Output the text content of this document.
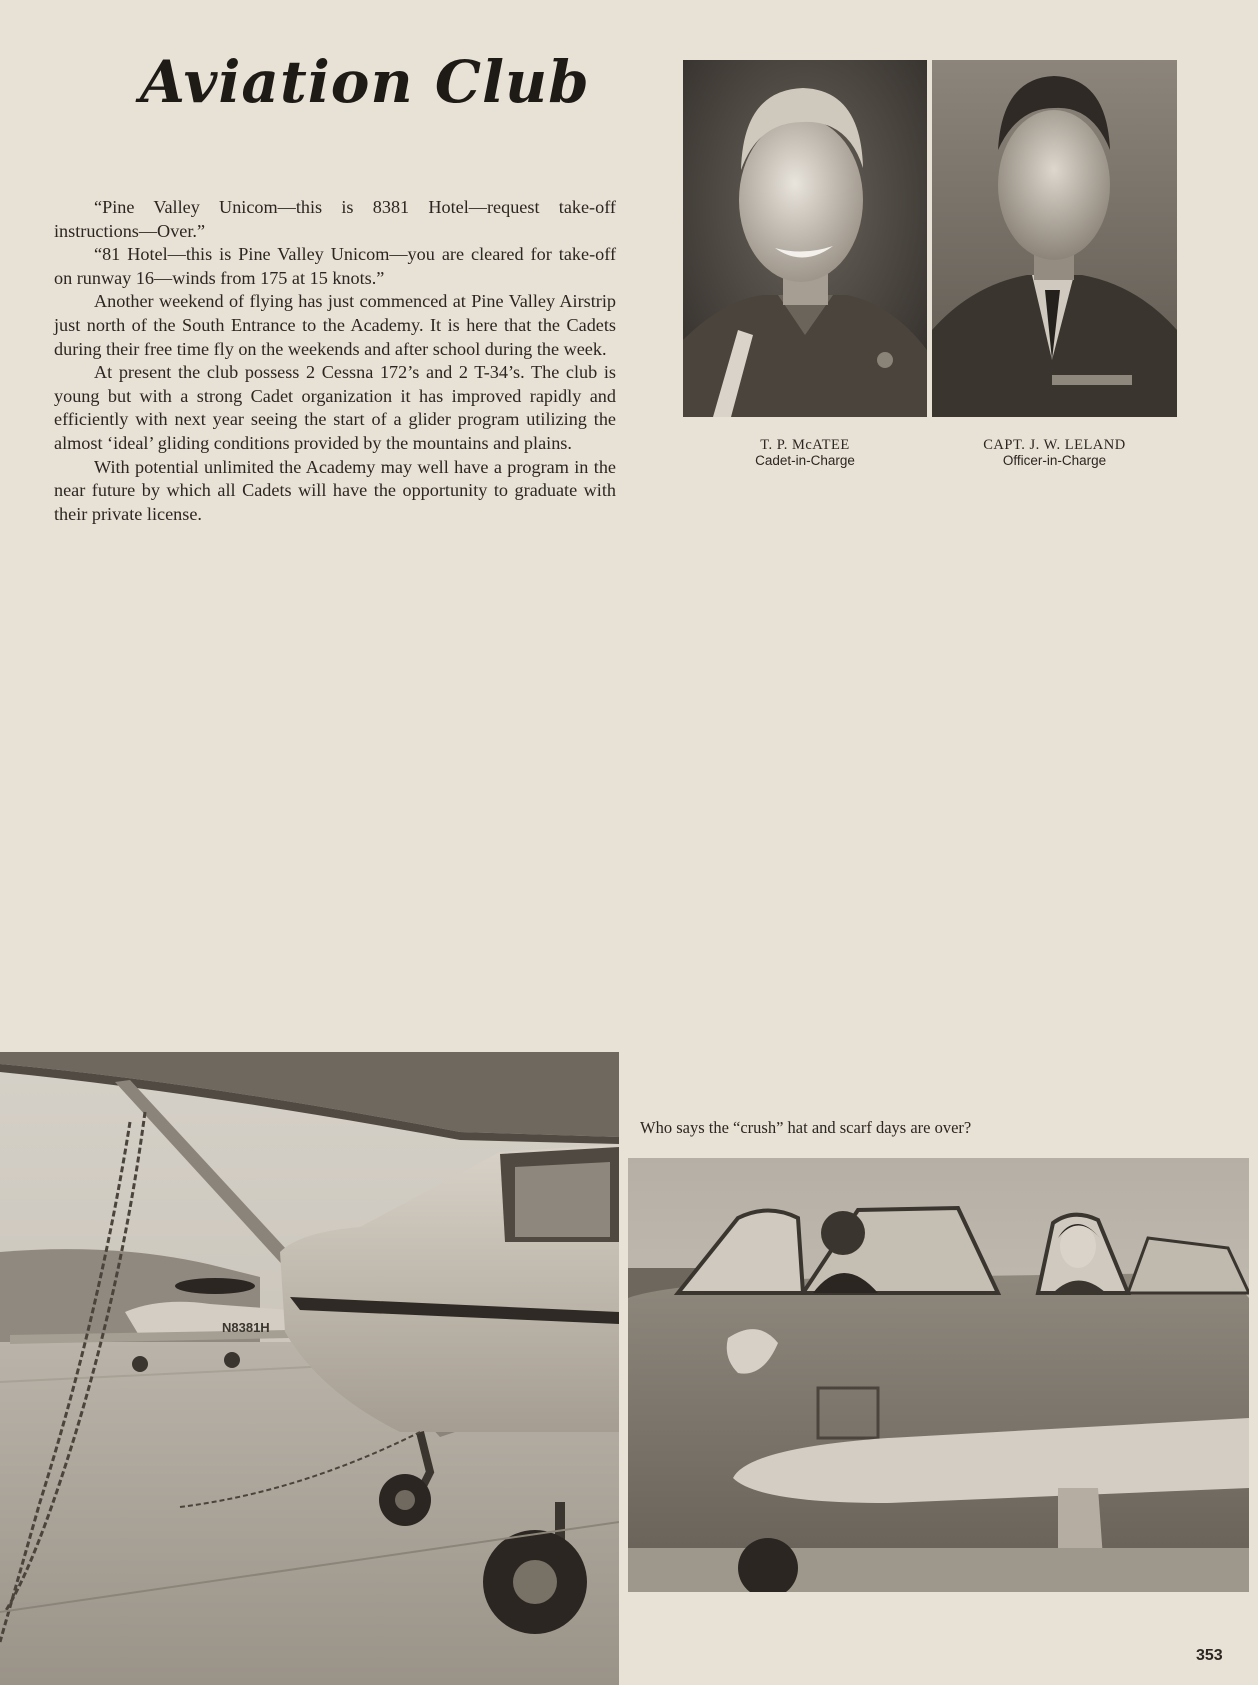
Aviation Club

“Pine Valley Unicom—this is 8381 Hotel—request take-off instructions—Over.”

“81 Hotel—this is Pine Valley Unicom—you are cleared for take-off on runway 16—winds from 175 at 15 knots.”

Another weekend of flying has just commenced at Pine Valley Airstrip just north of the South Entrance to the Academy. It is here that the Cadets during their free time fly on the weekends and after school during the week.

At present the club possess 2 Cessna 172’s and 2 T-34’s. The club is young but with a strong Cadet organization it has improved rapidly and efficiently with next year seeing the start of a glider program utilizing the almost ‘ideal’ gliding conditions provided by the mountains and plains.

With potential unlimited the Academy may well have a program in the near future by which all Cadets will have the opportunity to graduate with their private license.

T. P. McATEE
Cadet-in-Charge
CAPT. J. W. LELAND
Officer-in-Charge
N8381H
Who says the “crush” hat and scarf days are over?
353
